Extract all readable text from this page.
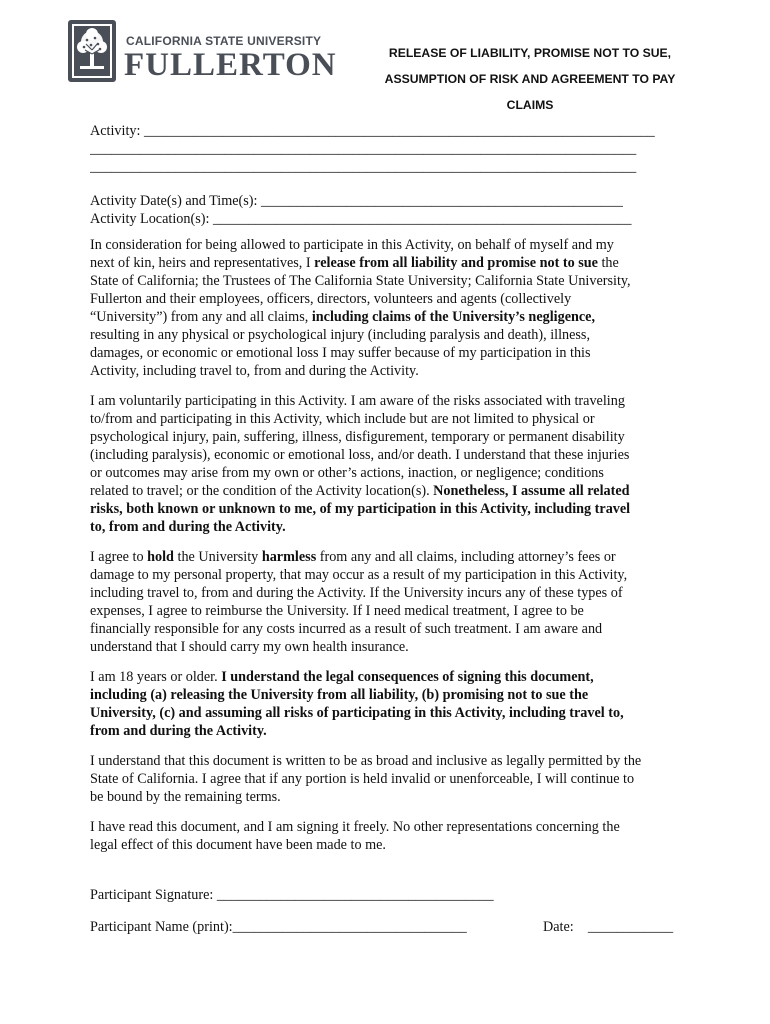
CALIFORNIA STATE UNIVERSITY
FULLERTON	RELEASE OF LIABILITY, PROMISE NOT TO SUE,
ASSUMPTION OF RISK AND AGREEMENT TO PAY
CLAIMS
Activity: ________________________________________________________________________
_____________________________________________________________________________
_____________________________________________________________________________
Activity Date(s) and Time(s): ___________________________________________________
Activity Location(s): ___________________________________________________________

In consideration for being allowed to participate in this Activity, on behalf of myself and my
next of kin, heirs and representatives, I release from all liability and promise not to sue the
State of California; the Trustees of The California State University; California State University,
Fullerton and their employees, officers, directors, volunteers and agents (collectively
“University”) from any and all claims, including claims of the University’s negligence,
resulting in any physical or psychological injury (including paralysis and death), illness,
damages, or economic or emotional loss I may suffer because of my participation in this
Activity, including travel to, from and during the Activity.

I am voluntarily participating in this Activity. I am aware of the risks associated with traveling
to/from and participating in this Activity, which include but are not limited to physical or
psychological injury, pain, suffering, illness, disfigurement, temporary or permanent disability
(including paralysis), economic or emotional loss, and/or death. I understand that these injuries
or outcomes may arise from my own or other’s actions, inaction, or negligence; conditions
related to travel; or the condition of the Activity location(s). Nonetheless, I assume all related
risks, both known or unknown to me, of my participation in this Activity, including travel
to, from and during the Activity.

I agree to hold the University harmless from any and all claims, including attorney’s fees or
damage to my personal property, that may occur as a result of my participation in this Activity,
including travel to, from and during the Activity. If the University incurs any of these types of
expenses, I agree to reimburse the University. If I need medical treatment, I agree to be
financially responsible for any costs incurred as a result of such treatment. I am aware and
understand that I should carry my own health insurance.

I am 18 years or older. I understand the legal consequences of signing this document,
including (a) releasing the University from all liability, (b) promising not to sue the
University, (c) and assuming all risks of participating in this Activity, including travel to,
from and during the Activity.

I understand that this document is written to be as broad and inclusive as legally permitted by the
State of California. I agree that if any portion is held invalid or unenforceable, I will continue to
be bound by the remaining terms.

I have read this document, and I am signing it freely. No other representations concerning the
legal effect of this document have been made to me.

Participant Signature: _______________________________________
Participant Name (print):_________________________________	Date: ____________
